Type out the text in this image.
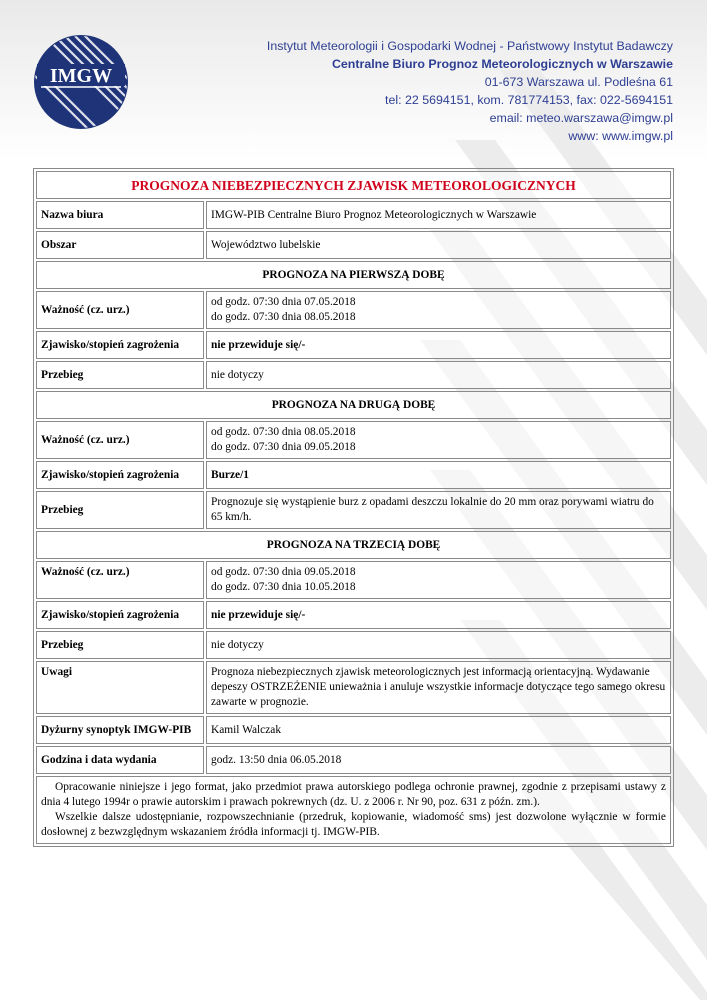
IMGW
Instytut Meteorologii i Gospodarki Wodnej - Państwowy Instytut Badawczy
Centralne Biuro Prognoz Meteorologicznych w Warszawie
01-673 Warszawa ul. Podleśna 61
tel: 22 5694151, kom. 781774153, fax: 022-5694151
email: meteo.warszawa@imgw.pl
www: www.imgw.pl
PROGNOZA NIEBEZPIECZNYCH ZJAWISK METEOROLOGICZNYCH	
Nazwa biura	IMGW-PIB Centralne Biuro Prognoz Meteorologicznych w Warszawie
Obszar	Województwo lubelskie
PROGNOZA NA PIERWSZĄ DOBĘ	
Ważność (cz. urz.)	od godz. 07:30 dnia 07.05.2018
do godz. 07:30 dnia 08.05.2018

Zjawisko/stopień zagrożenia	nie przewiduje się/-
Przebieg	nie dotyczy
PROGNOZA NA DRUGĄ DOBĘ	
Ważność (cz. urz.)	od godz. 07:30 dnia 08.05.2018
do godz. 07:30 dnia 09.05.2018

Zjawisko/stopień zagrożenia	Burze/1
Przebieg	Prognozuje się wystąpienie burz z opadami deszczu lokalnie do 20 mm oraz porywami wiatru do 65 km/h.
PROGNOZA NA TRZECIĄ DOBĘ	
Ważność (cz. urz.)	od godz. 07:30 dnia 09.05.2018
do godz. 07:30 dnia 10.05.2018

Zjawisko/stopień zagrożenia	nie przewiduje się/-
Przebieg	nie dotyczy
Uwagi	Prognoza niebezpiecznych zjawisk meteorologicznych jest informacją orientacyjną. Wydawanie depeszy OSTRZEŻENIE unieważnia i anuluje wszystkie informacje dotyczące tego samego okresu zawarte w prognozie.
Dyżurny synoptyk IMGW-PIB	Kamil Walczak
Godzina i data wydania	godz. 13:50 dnia 06.05.2018

Opracowanie niniejsze i jego format, jako przedmiot prawa autorskiego podlega ochronie prawnej, zgodnie z przepisami ustawy z dnia 4 lutego 1994r o prawie autorskim i prawach pokrewnych (dz. U. z 2006 r. Nr 90, poz. 631 z późn. zm.).

Wszelkie dalsze udostępnianie, rozpowszechnianie (przedruk, kopiowanie, wiadomość sms) jest dozwolone wyłącznie w formie dosłownej z bezwzględnym wskazaniem źródła informacji tj. IMGW-PIB.	
